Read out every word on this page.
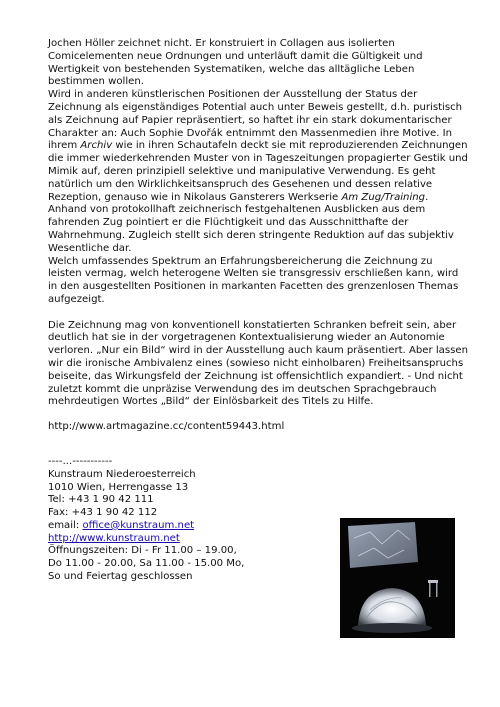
Jochen Höller zeichnet nicht. Er konstruiert in Collagen aus isolierten Comicelementen neue Ordnungen und unterläuft damit die Gültigkeit und Wertigkeit von bestehenden Systematiken, welche das alltägliche Leben bestimmen wollen.

Wird in anderen künstlerischen Positionen der Ausstellung der Status der Zeichnung als eigenständiges Potential auch unter Beweis gestellt, d.h. puristisch als Zeichnung auf Papier repräsentiert, so haftet ihr ein stark dokumentarischer Charakter an: Auch Sophie Dvořák entnimmt den Massenmedien ihre Motive. In ihrem Archiv wie in ihren Schautafeln deckt sie mit reproduzierenden Zeichnungen die immer wiederkehrenden Muster von in Tageszeitungen propagierter Gestik und Mimik auf, deren prinzipiell selektive und manipulative Verwendung. Es geht natürlich um den Wirklichkeitsanspruch des Gesehenen und dessen relative Rezeption, genauso wie in Nikolaus Gansterers Werkserie Am Zug/Training. Anhand von protokollhaft zeichnerisch festgehaltenen Ausblicken aus dem fahrenden Zug pointiert er die Flüchtigkeit und das Ausschnitthafte der Wahrnehmung. Zugleich stellt sich deren stringente Reduktion auf das subjektiv Wesentliche dar.

Welch umfassendes Spektrum an Erfahrungsbereicherung die Zeichnung zu leisten vermag, welch heterogene Welten sie transgressiv erschließen kann, wird in den ausgestellten Positionen in markanten Facetten des grenzenlosen Themas aufgezeigt.

Die Zeichnung mag von konventionell konstatierten Schranken befreit sein, aber deutlich hat sie in der vorgetragenen Kontextualisierung wieder an Autonomie verloren. „Nur ein Bild“ wird in der Ausstellung auch kaum präsentiert. Aber lassen wir die ironische Ambivalenz eines (sowieso nicht einholbaren) Freiheitsanspruchs beiseite, das Wirkungsfeld der Zeichnung ist offensichtlich expandiert. - Und nicht zuletzt kommt die unpräzise Verwendung des im deutschen Sprachgebrauch mehrdeutigen Wortes „Bild“ der Einlösbarkeit des Titels zu Hilfe.

http://www.artmagazine.cc/content59443.html
----...-----------
Kunstraum Niederoesterreich
1010 Wien, Herrengasse 13
Tel: +43 1 90 42 111
Fax: +43 1 90 42 112
email: office@kunstraum.net
http://www.kunstraum.net
Öffnungszeiten: Di - Fr 11.00 – 19.00,
Do 11.00 - 20.00, Sa 11.00 - 15.00 Mo,
So und Feiertag geschlossen
